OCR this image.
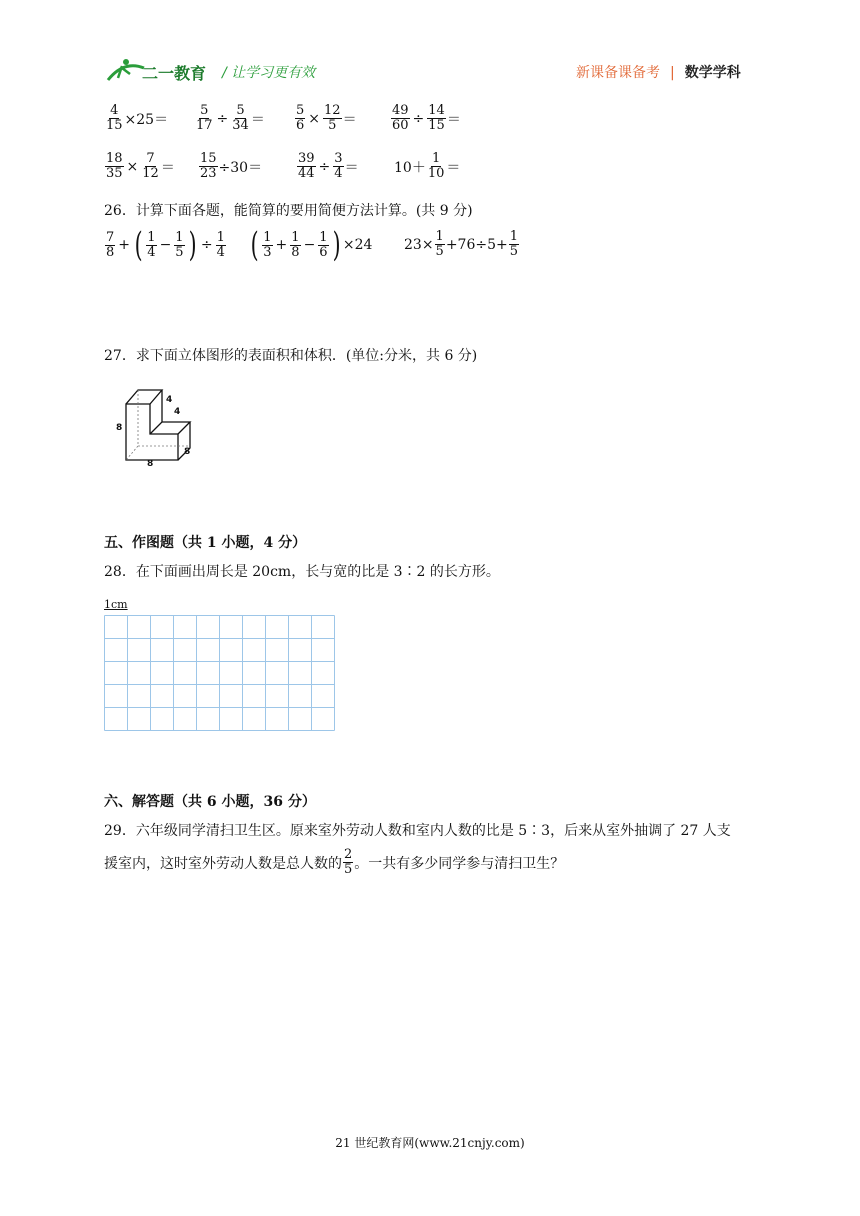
二一教育 / 让学习更有效	新课备课备考 | 数学学科
$\frac{4}{15} \times 25= \frac{5}{17} \div \frac{5}{34} = \frac{5}{6} \times \frac{12}{5}$ ＝	$\frac{49}{60} \div \frac{14}{15}$ ＝
$\frac{18}{35} \times \frac{7}{12} = \frac{15}{23} \div 30=$	$\frac{39}{44} \div \frac{3}{4}$ ＝	$10+ \frac{1}{10}$ ＝
26．计算下面各题，能简算的要用简便方法计算。(共 9 分)
$\frac{7}{8}$ + ( $\frac{1}{4} - \frac{1}{5}$ ) ÷ $\frac{1}{4}$ ( $\frac{1}{3} + \frac{1}{8} - \frac{1}{6}$ ) ×24 $23\times \frac{1}{5} +76\div 5+ \frac{1}{5}$
27．求下面立体图形的表面积和体积．(单位:分米，共 6 分)
4
4
8
8
8
五、作图题（共 1 小题，4 分）
28．在下面画出周长是 20cm，长与宽的比是 3∶2 的长方形。
1cm
六、解答题（共 6 小题，36 分）
29．六年级同学清扫卫生区。原来室外劳动人数和室内人数的比是 5∶3，后来从室外抽调了 27 人支
援室内，这时室外劳动人数是总人数的 $\frac{2}{5}$ 。一共有多少同学参与清扫卫生？
21 世纪教育网(www.21cnjy.com)
